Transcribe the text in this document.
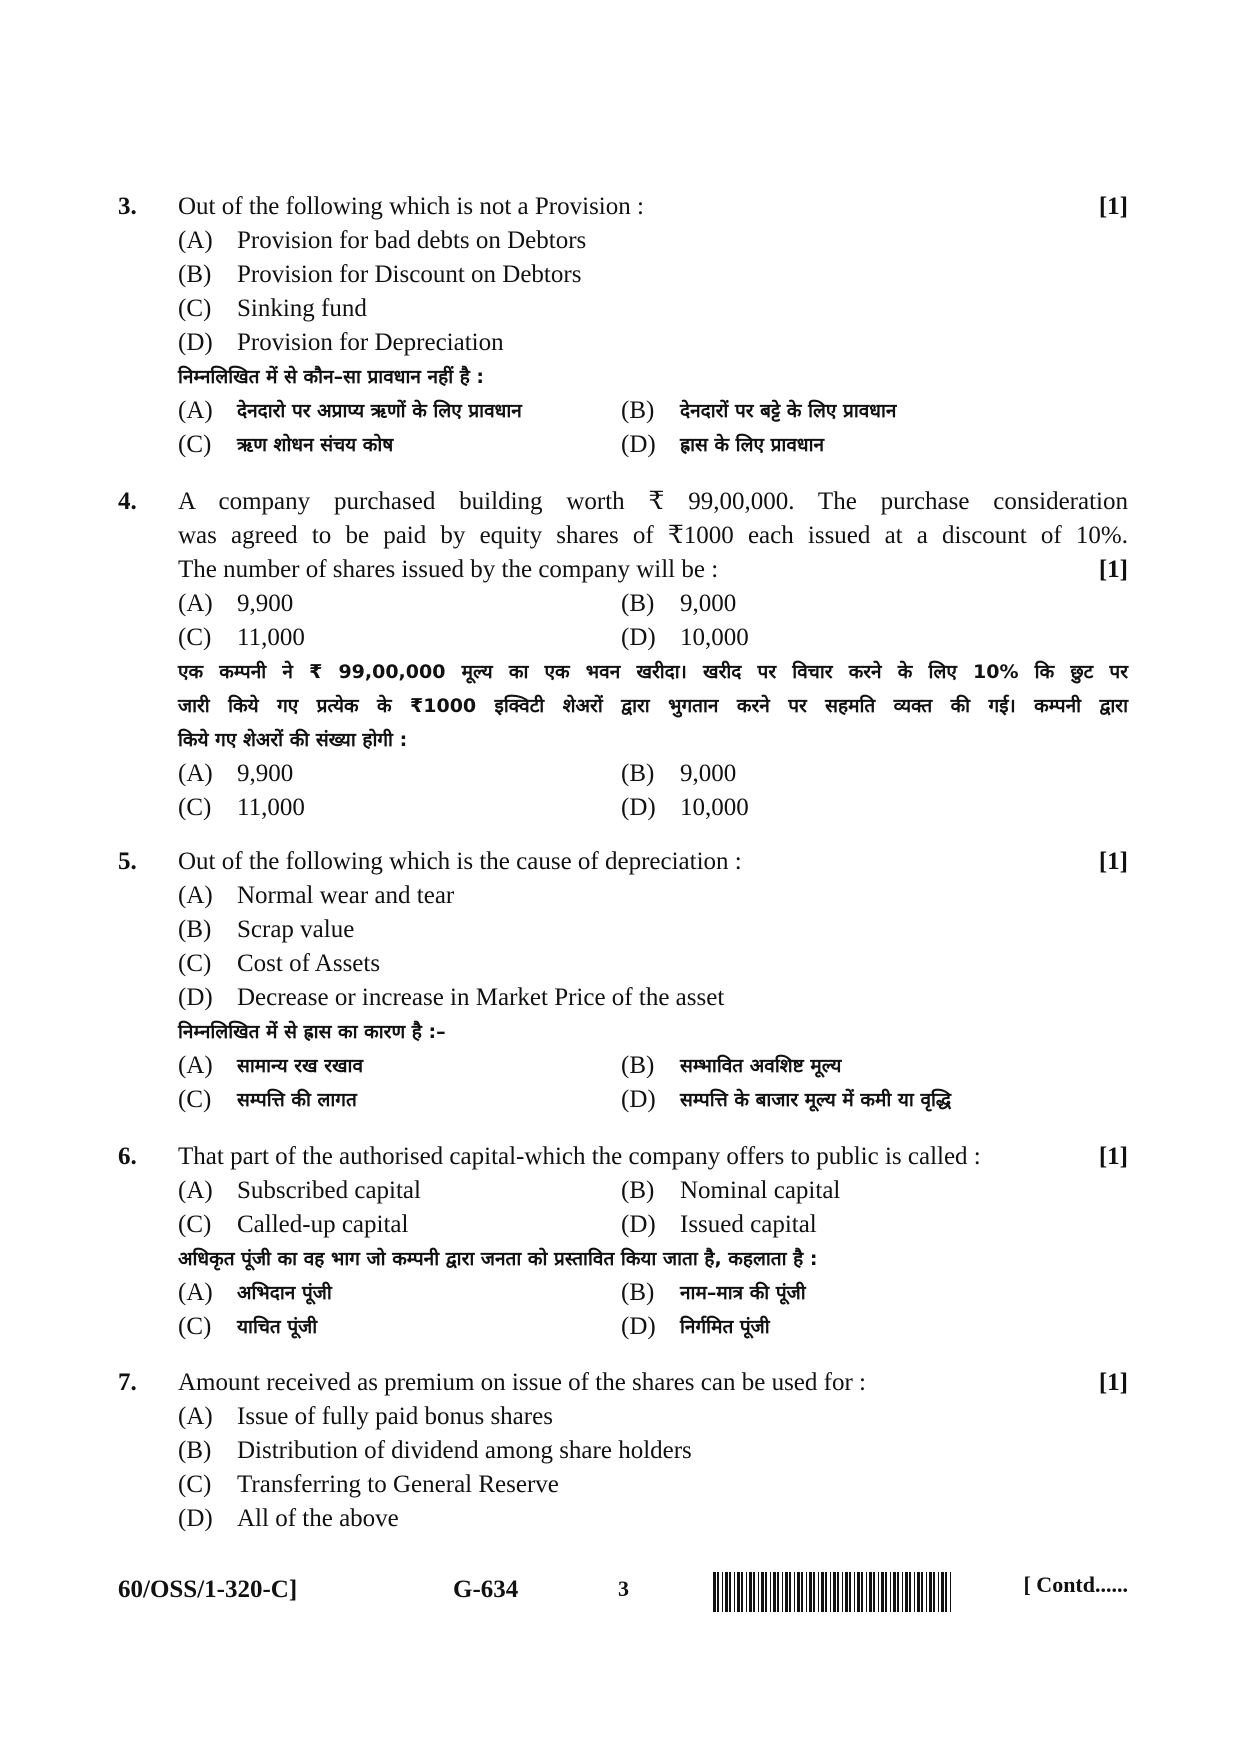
3. Out of the following which is not a Provision :	[1]
(A) Provision for bad debts on Debtors
(B) Provision for Discount on Debtors
(C) Sinking fund
(D) Provision for Depreciation
निम्नलिखित में से कौन–सा प्रावधान नहीं है :
(A) देनदारो पर अप्राप्य ऋणों के लिए प्रावधान	(B) देनदारों पर बट्टे के लिए प्रावधान
(C) ऋण शोधन संचय कोष	(D) ह्रास के लिए प्रावधान
4. A company purchased building worth ₹ 99,00,000. The purchase consideration
was agreed to be paid by equity shares of ₹1000 each issued at a discount of 10%.
The number of shares issued by the company will be :	[1]
(A) 9,900	(B) 9,000
(C) 11,000	(D) 10,000
एक कम्पनी ने ₹ 99,00,000 मूल्य का एक भवन खरीदा। खरीद पर विचार करने के लिए 10% कि छुट पर
जारी किये गए प्रत्येक के ₹1000 इक्विटी शेअरों द्वारा भुगतान करने पर सहमति व्यक्त की गई। कम्पनी द्वारा
किये गए शेअरों की संख्या होगी :
(A) 9,900	(B) 9,000
(C) 11,000	(D) 10,000
5. Out of the following which is the cause of depreciation :	[1]
(A) Normal wear and tear
(B) Scrap value
(C) Cost of Assets
(D) Decrease or increase in Market Price of the asset
निम्नलिखित में से ह्रास का कारण है :–
(A) सामान्य रख रखाव	(B) सम्भावित अवशिष्ट मूल्य
(C) सम्पत्ति की लागत	(D) सम्पत्ति के बाजार मूल्य में कमी या वृद्धि
6. That part of the authorised capital-which the company offers to public is called :	[1]
(A) Subscribed capital	(B) Nominal capital
(C) Called-up capital	(D) Issued capital
अधिकृत पूंजी का वह भाग जो कम्पनी द्वारा जनता को प्रस्तावित किया जाता है, कहलाता है :
(A) अभिदान पूंजी	(B) नाम–मात्र की पूंजी
(C) याचित पूंजी	(D) निर्गमित पूंजी
7. Amount received as premium on issue of the shares can be used for :	[1]
(A) Issue of fully paid bonus shares
(B) Distribution of dividend among share holders
(C) Transferring to General Reserve
(D) All of the above
60/OSS/1-320-C]	G-634	3	[ Contd......
